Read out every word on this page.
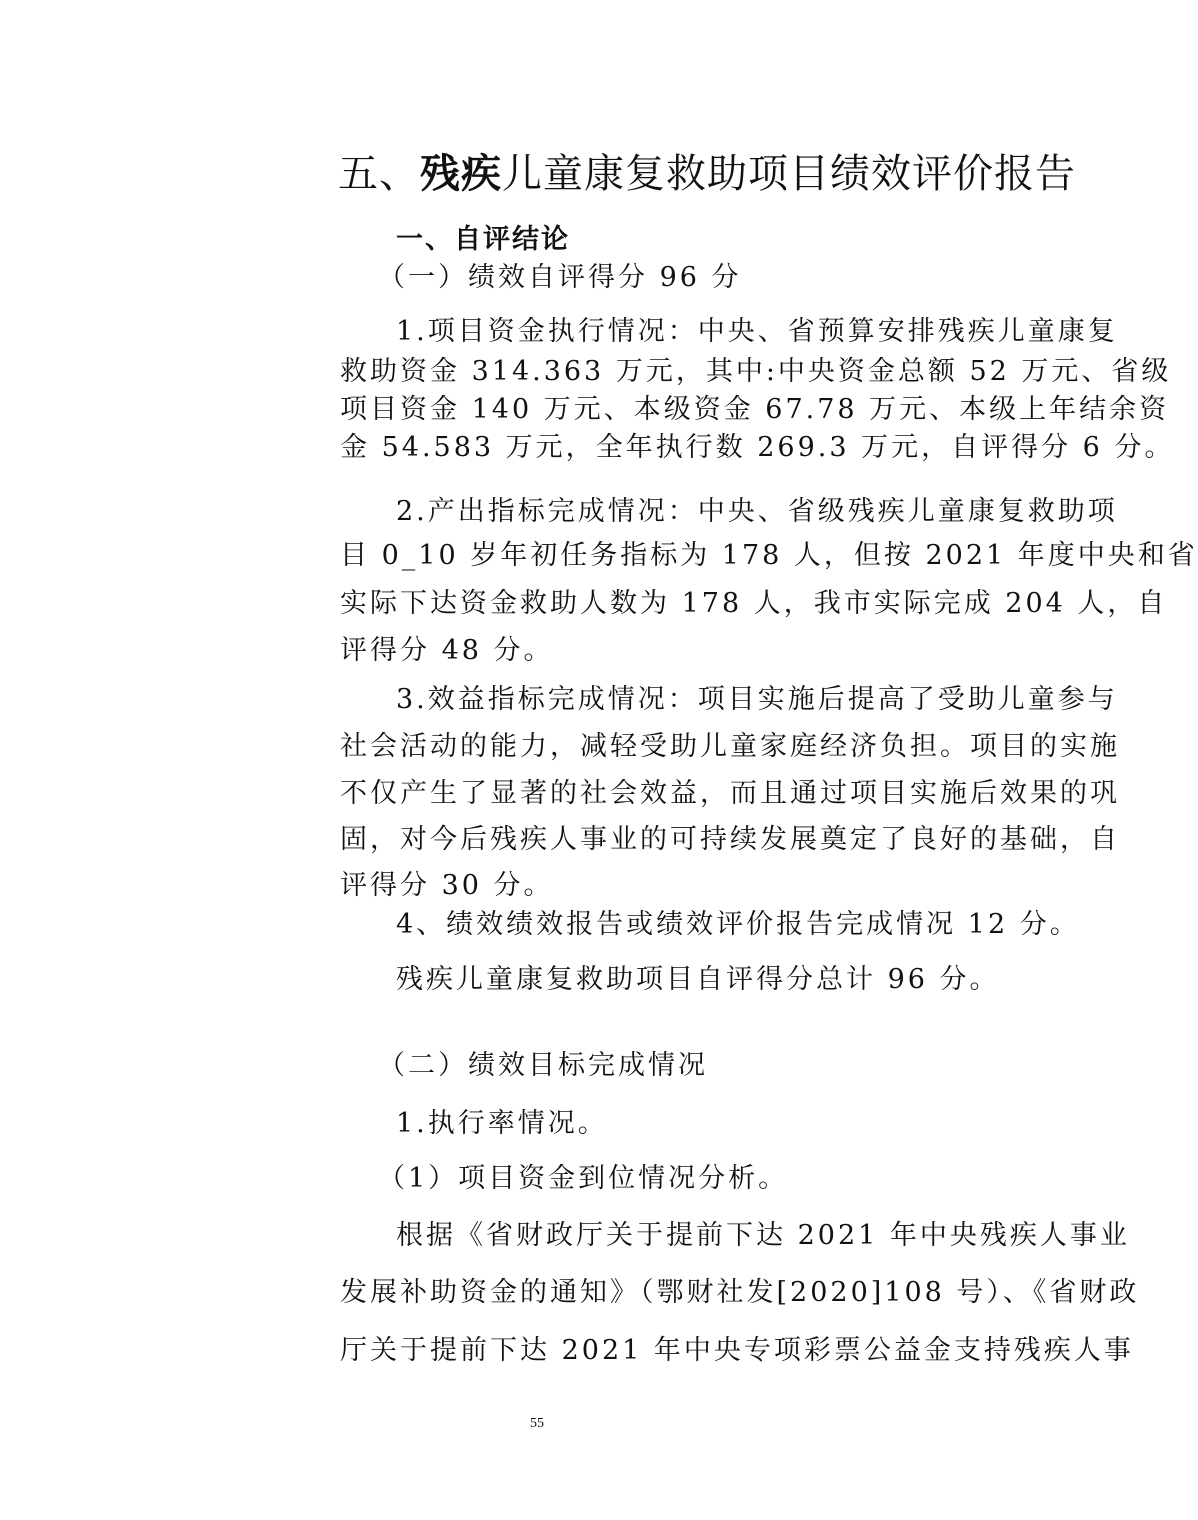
五、残疾儿童康复救助项目绩效评价报告
一、自评结论
（一）绩效自评得分 96 分
1.项目资金执行情况：中央、省预算安排残疾儿童康复
救助资金 314.363 万元，其中:中央资金总额 52 万元、省级
项目资金 140 万元、本级资金 67.78 万元、本级上年结余资
金 54.583 万元，全年执行数 269.3 万元，自评得分 6 分。
2.产出指标完成情况：中央、省级残疾儿童康复救助项
目 0_10 岁年初任务指标为 178 人，但按 2021 年度中央和省
实际下达资金救助人数为 178 人，我市实际完成 204 人，自
评得分 48 分。
3.效益指标完成情况：项目实施后提高了受助儿童参与
社会活动的能力，减轻受助儿童家庭经济负担。项目的实施
不仅产生了显著的社会效益，而且通过项目实施后效果的巩
固，对今后残疾人事业的可持续发展奠定了良好的基础，自
评得分 30 分。
4、绩效绩效报告或绩效评价报告完成情况 12 分。
残疾儿童康复救助项目自评得分总计 96 分。
（二）绩效目标完成情况
1.执行率情况。
（1）项目资金到位情况分析。
根据《省财政厅关于提前下达 2021 年中央残疾人事业
发展补助资金的通知》（鄂财社发[2020]108 号）、《省财政
厅关于提前下达 2021 年中央专项彩票公益金支持残疾人事
55
